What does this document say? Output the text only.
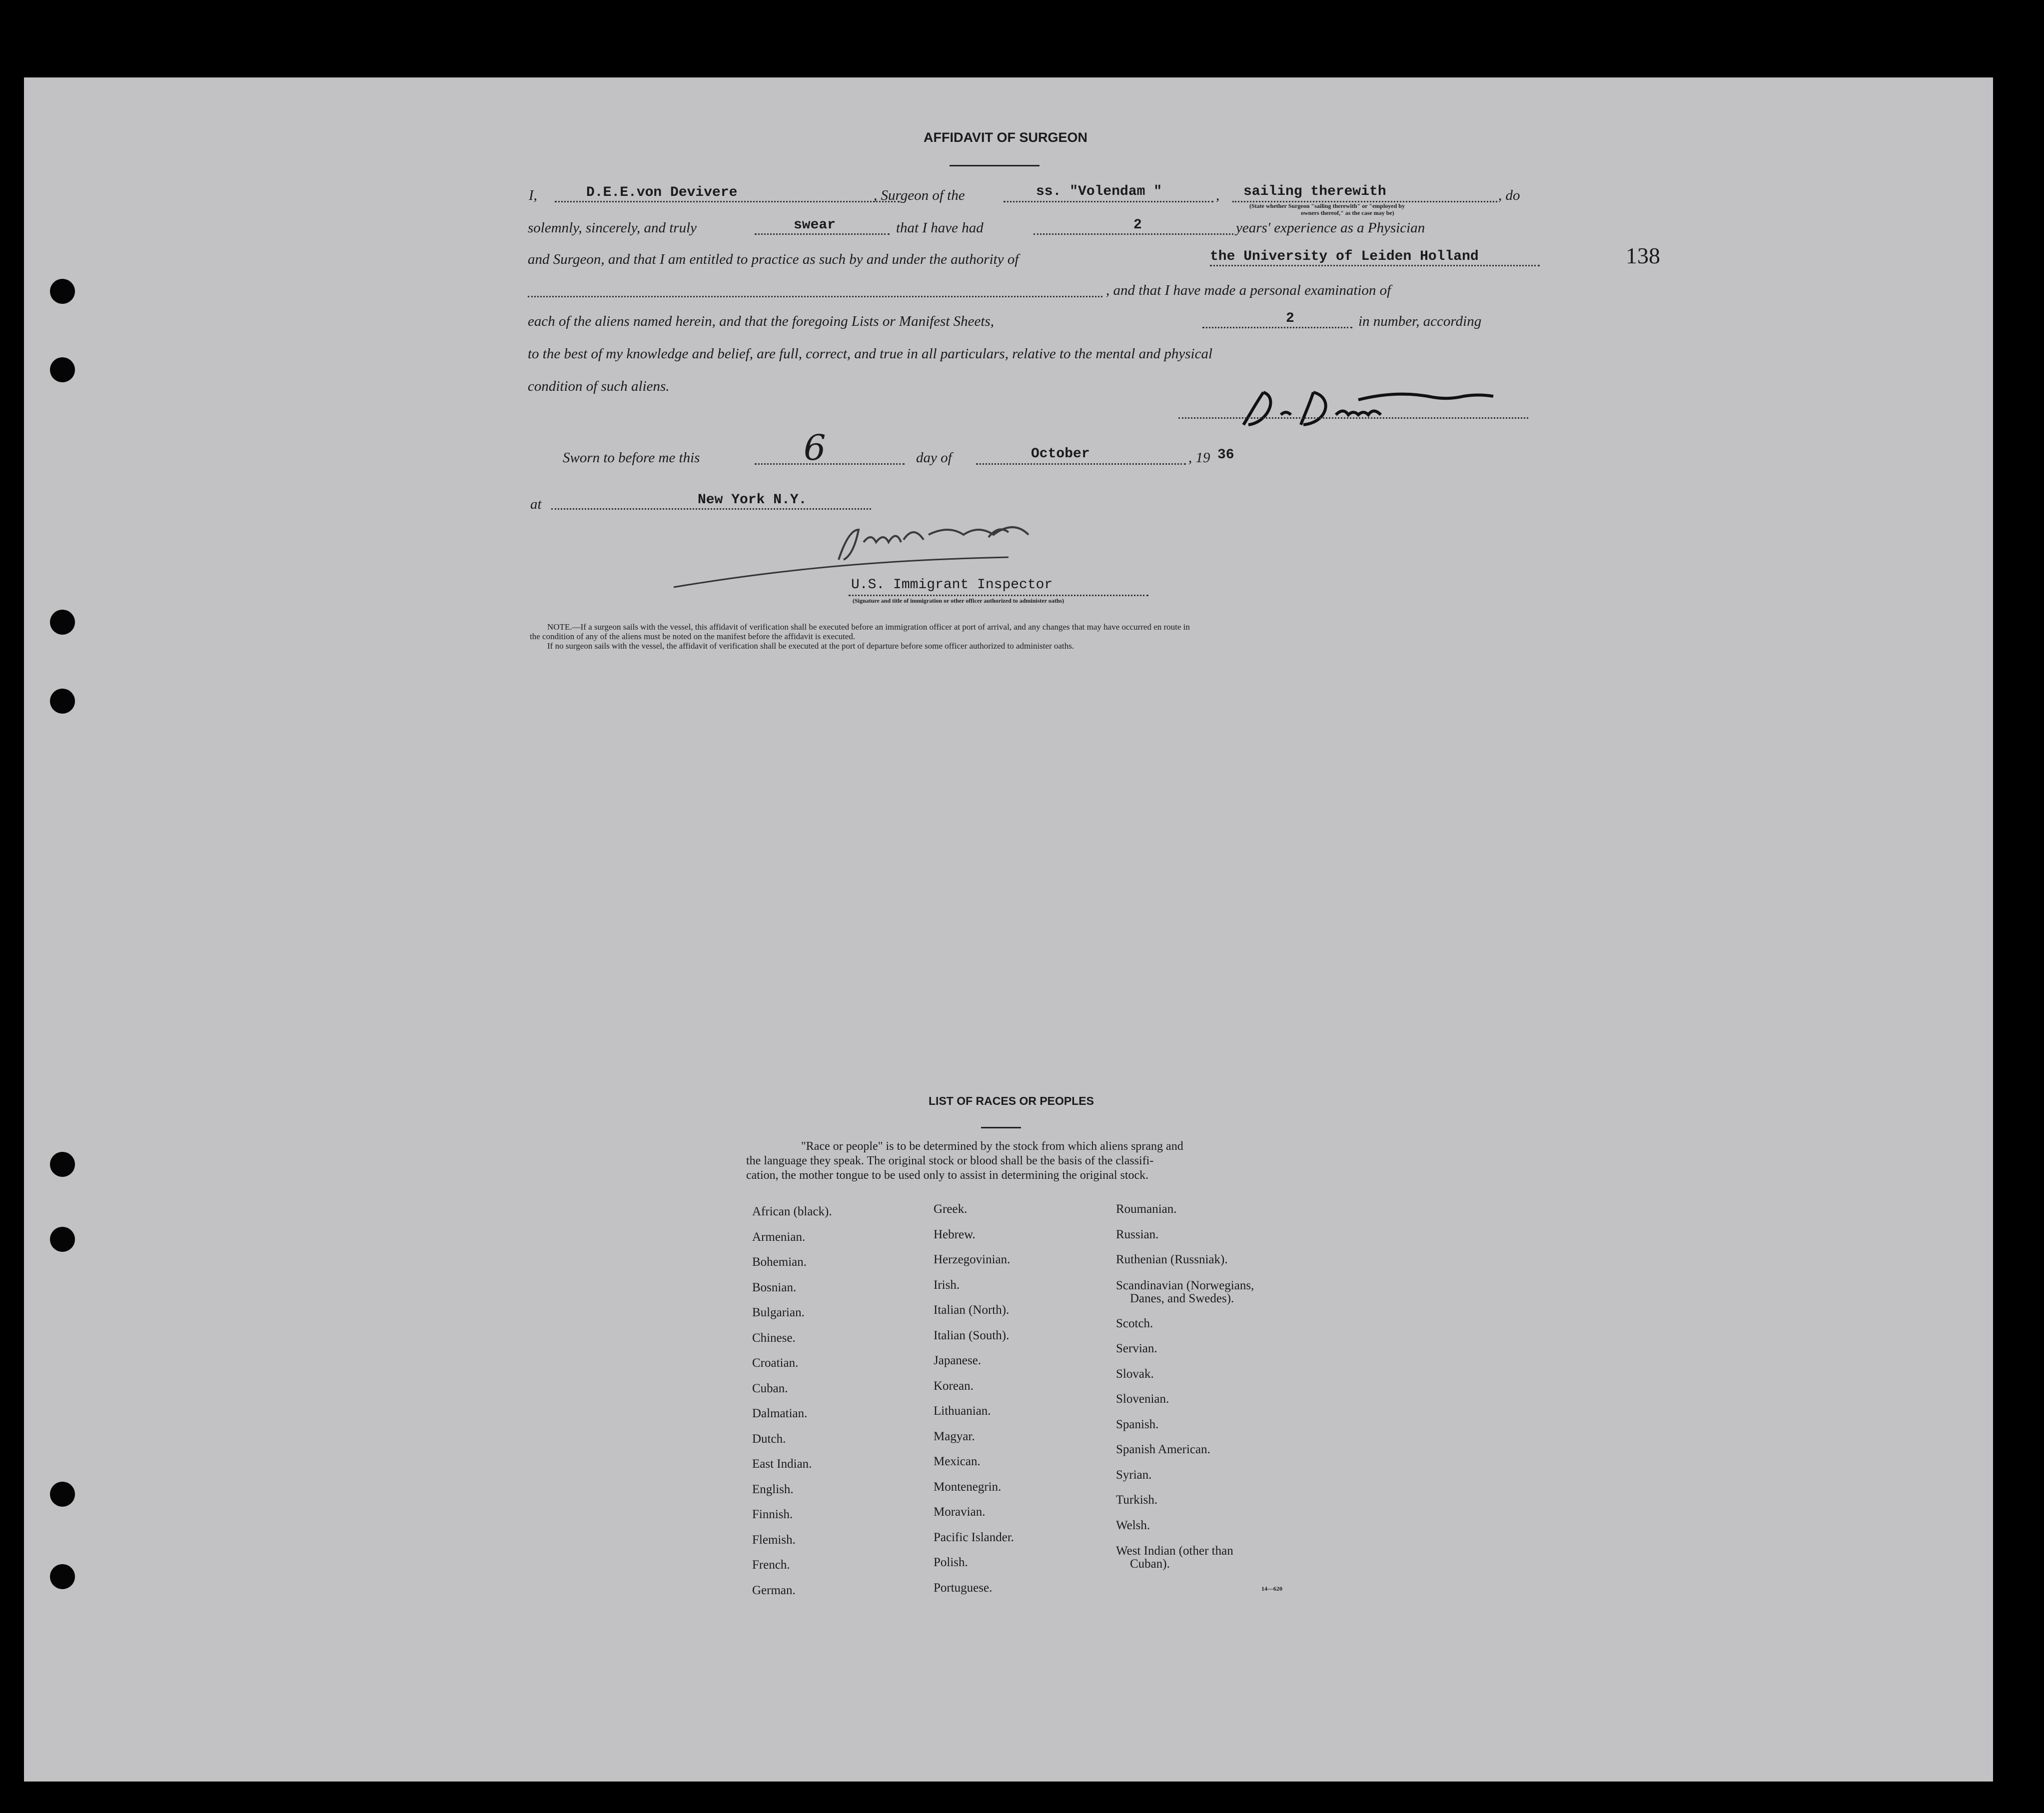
138
AFFIDAVIT OF SURGEON
I,	D.E.E.von Devivere	, Surgeon of the	ss. "Volendam "	, sailing therewith	, do
(State whether Surgeon "sailing therewith" or "employed by
owners thereof," as the case may be)
solemnly, sincerely, and truly	swear	that I have had	2	years' experience as a Physician
and Surgeon, and that I am entitled to practice as such by and under the authority of	the University of Leiden Holland
, and that I have made a personal examination of
each of the aliens named herein, and that the foregoing Lists or Manifest Sheets,	2	in number, according
to the best of my knowledge and belief, are full, correct, and true in all particulars, relative to the mental and physical
condition of such aliens.
Sworn to before me this	6	day of	October	, 19 36
at	New York N.Y.
U.S. Immigrant Inspector
(Signature and title of immigration or other officer authorized to administer oaths)
NOTE.—If a surgeon sails with the vessel, this affidavit of verification shall be executed before an immigration officer at port of arrival, and any changes that may have occurred en route in
the condition of any of the aliens must be noted on the manifest before the affidavit is executed.
If no surgeon sails with the vessel, the affidavit of verification shall be executed at the port of departure before some officer authorized to administer oaths.
LIST OF RACES OR PEOPLES
"Race or people" is to be determined by the stock from which aliens sprang and
the language they speak. The original stock or blood shall be the basis of the classifi-
cation, the mother tongue to be used only to assist in determining the original stock.
African (black).
Armenian.
Bohemian.
Bosnian.
Bulgarian.
Chinese.
Croatian.
Cuban.
Dalmatian.
Dutch.
East Indian.
English.
Finnish.
Flemish.
French.
German.
Greek.
Hebrew.
Herzegovinian.
Irish.
Italian (North).
Italian (South).
Japanese.
Korean.
Lithuanian.
Magyar.
Mexican.
Montenegrin.
Moravian.
Pacific Islander.
Polish.
Portuguese.
Roumanian.
Russian.
Ruthenian (Russniak).
Scandinavian (Norwegians,
Danes, and Swedes).
Scotch.
Servian.
Slovak.
Slovenian.
Spanish.
Spanish American.
Syrian.
Turkish.
Welsh.
West Indian (other than
Cuban).
14—620
